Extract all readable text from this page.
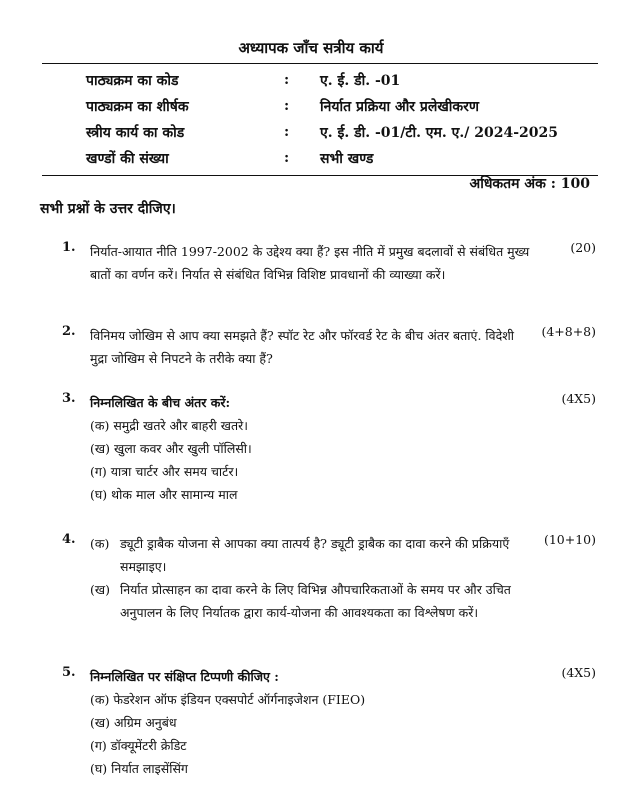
अध्यापक जाँच सत्रीय कार्य
पाठ्यक्रम का कोड	:	ए. ई. डी. -01
पाठ्यक्रम का शीर्षक	:	निर्यात प्रक्रिया और प्रलेखीकरण
स्त्रीय कार्य का कोड	:	ए. ई. डी. -01/टी. एम. ए./ 2024-2025
खण्डों की संख्या	:	सभी खण्ड
अधिकतम अंक : 100
सभी प्रश्नों के उत्तर दीजिए।
1. निर्यात-आयात नीति 1997-2002 के उद्देश्य क्या हैं? इस नीति में प्रमुख बदलावों से संबंधित मुख्य बातों का वर्णन करें। निर्यात से संबंधित विभिन्न विशिष्ट प्रावधानों की व्याख्या करें।
(20)
2. विनिमय जोखिम से आप क्या समझते हैं? स्पॉट रेट और फॉरवर्ड रेट के बीच अंतर बताएं. विदेशी मुद्रा जोखिम से निपटने के तरीके क्या हैं?
(4+8+8)
3. निम्नलिखित के बीच अंतर करें:
(क) समुद्री खतरे और बाहरी खतरे।
(ख) खुला कवर और खुली पॉलिसी।
(ग) यात्रा चार्टर और समय चार्टर।
(घ) थोक माल और सामान्य माल
(4X5)
4. (क) ड्यूटी ड्राबैक योजना से आपका क्या तात्पर्य है? ड्यूटी ड्राबैक का दावा करने की प्रक्रियाएँ समझाइए।
(ख) निर्यात प्रोत्साहन का दावा करने के लिए विभिन्न औपचारिकताओं के समय पर और उचित अनुपालन के लिए निर्यातक द्वारा कार्य-योजना की आवश्यकता का विश्लेषण करें।
(10+10)
5. निम्नलिखित पर संक्षिप्त टिप्पणी कीजिए :
(क) फेडरेशन ऑफ इंडियन एक्सपोर्ट ऑर्गनाइजेशन (FIEO)
(ख) अग्रिम अनुबंध
(ग) डॉक्यूमेंटरी क्रेडिट
(घ) निर्यात लाइसेंसिंग
(4X5)
